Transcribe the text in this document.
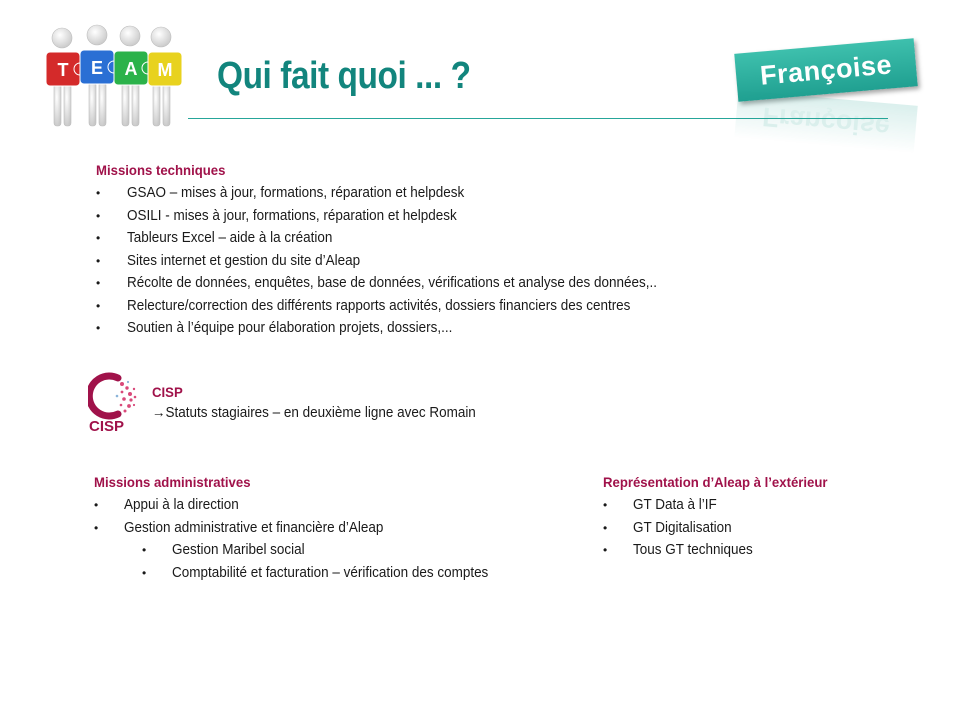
T E A M Qui fait quoi ... ?	Françoise
Françoise
Missions techniques
• GSAO – mises à jour, formations, réparation et helpdesk
• OSILI - mises à jour, formations, réparation et helpdesk
• Tableurs Excel – aide à la création
• Sites internet et gestion du site d’Aleap
• Récolte de données, enquêtes, base de données, vérifications et analyse des données,..
• Relecture/correction des différents rapports activités, dossiers financiers des centres
• Soutien à l’équipe pour élaboration projets, dossiers,...
CISP
CISP
→Statuts stagiaires – en deuxième ligne avec Romain
Missions administratives
• Appui à la direction
• Gestion administrative et financière d’Aleap
• Gestion Maribel social
• Comptabilité et facturation – vérification des comptes
Représentation d’Aleap à l’extérieur
• GT Data à l’IF
• GT Digitalisation
• Tous GT techniques
